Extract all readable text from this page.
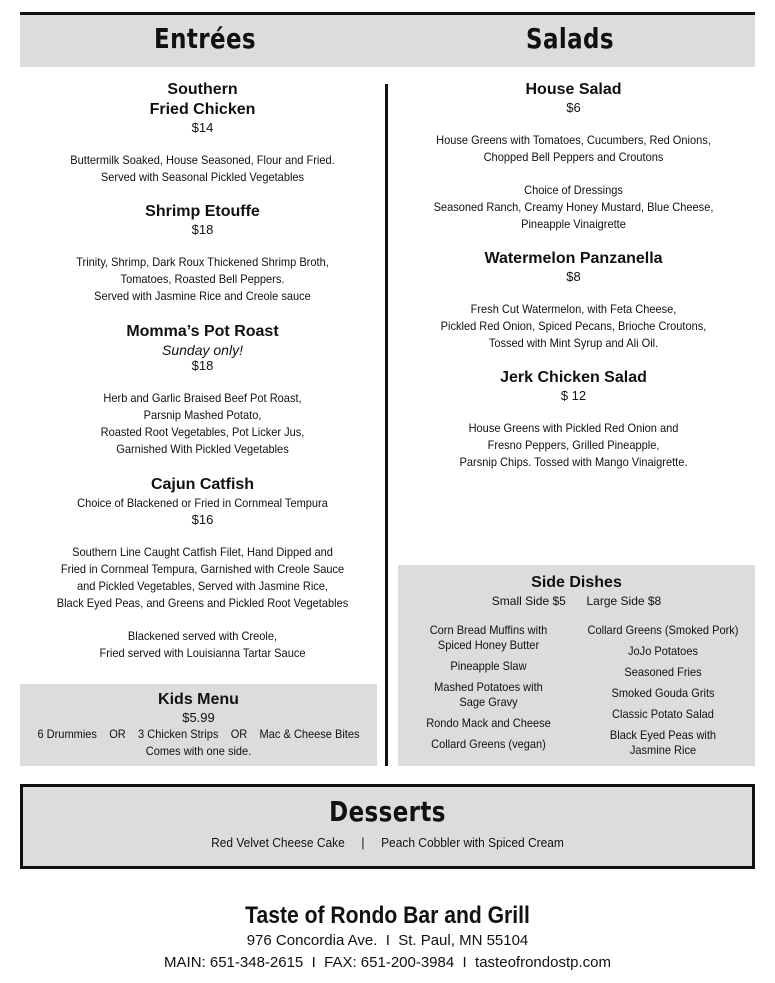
Entrées	Salads
Southern
Fried Chicken
$14
Buttermilk Soaked, House Seasoned, Flour and Fried.
Served with Seasonal Pickled Vegetables
Shrimp Etouffe
$18
Trinity, Shrimp, Dark Roux Thickened Shrimp Broth,
Tomatoes, Roasted Bell Peppers.
Served with Jasmine Rice and Creole sauce
Momma’s Pot Roast
Sunday only!
$18
Herb and Garlic Braised Beef Pot Roast,
Parsnip Mashed Potato,
Roasted Root Vegetables, Pot Licker Jus,
Garnished With Pickled Vegetables
Cajun Catfish
Choice of Blackened or Fried in Cornmeal Tempura
$16
Southern Line Caught Catfish Filet, Hand Dipped and
Fried in Cornmeal Tempura, Garnished with Creole Sauce
and Pickled Vegetables, Served with Jasmine Rice,
Black Eyed Peas, and Greens and Pickled Root Vegetables
Blackened served with Creole,
Fried served with Louisianna Tartar Sauce
Kids Menu
$5.99
6 Drummies    OR    3 Chicken Strips    OR    Mac & Cheese Bites
Comes with one side.
House Salad
$6
House Greens with Tomatoes, Cucumbers, Red Onions,
Chopped Bell Peppers and Croutons
Choice of Dressings
Seasoned Ranch, Creamy Honey Mustard, Blue Cheese,
Pineapple Vinaigrette
Watermelon Panzanella
$8
Fresh Cut Watermelon, with Feta Cheese,
Pickled Red Onion, Spiced Pecans, Brioche Croutons,
Tossed with Mint Syrup and Ali Oil.
Jerk Chicken Salad
$ 12
House Greens with Pickled Red Onion and
Fresno Peppers, Grilled Pineapple,
Parsnip Chips. Tossed with Mango Vinaigrette.
Side Dishes
Small Side $5 Large Side $8
Corn Bread Muffins with
Spiced Honey Butter
Pineapple Slaw
Mashed Potatoes with
Sage Gravy
Rondo Mack and Cheese
Collard Greens (vegan)
Collard Greens (Smoked Pork)
JoJo Potatoes
Seasoned Fries
Smoked Gouda Grits
Classic Potato Salad
Black Eyed Peas with
Jasmine Rice
Desserts
Red Velvet Cheese Cake     |     Peach Cobbler with Spiced Cream
Taste of Rondo Bar and Grill
976 Concordia Ave.  I  St. Paul, MN 55104
MAIN: 651-348-2615  I  FAX: 651-200-3984  I  tasteofrondostp.com
